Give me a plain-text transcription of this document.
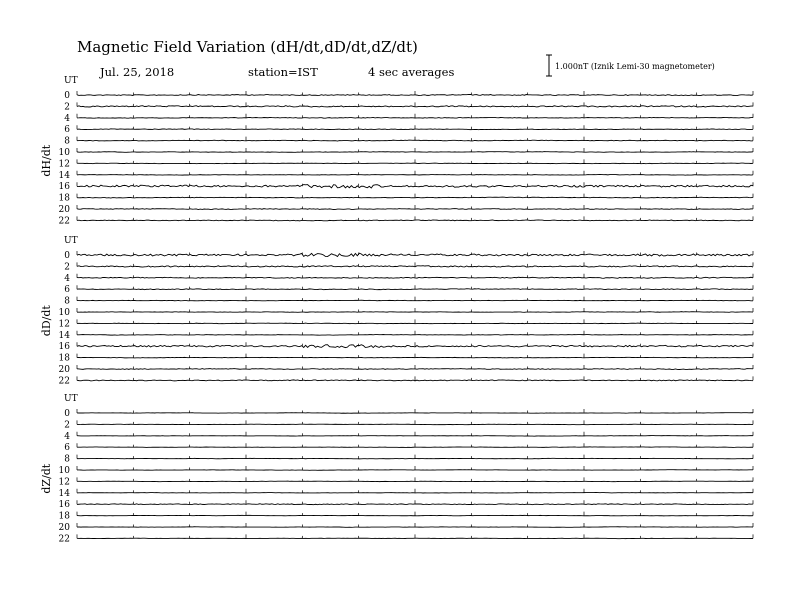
Magnetic Field Variation (dH/dt,dD/dt,dZ/dt)
Jul. 25, 2018	station=IST	4 sec averages	1.000nT (Iznik Lemi-30 magnetometer)
UT
dH/dt
0
2
4
6
8
10
12
14
16
18
20
22
UT
dD/dt
0
2
4
6
8
10
12
14
16
18
20
22
UT
dZ/dt
0
2
4
6
8
10
12
14
16
18
20
22
